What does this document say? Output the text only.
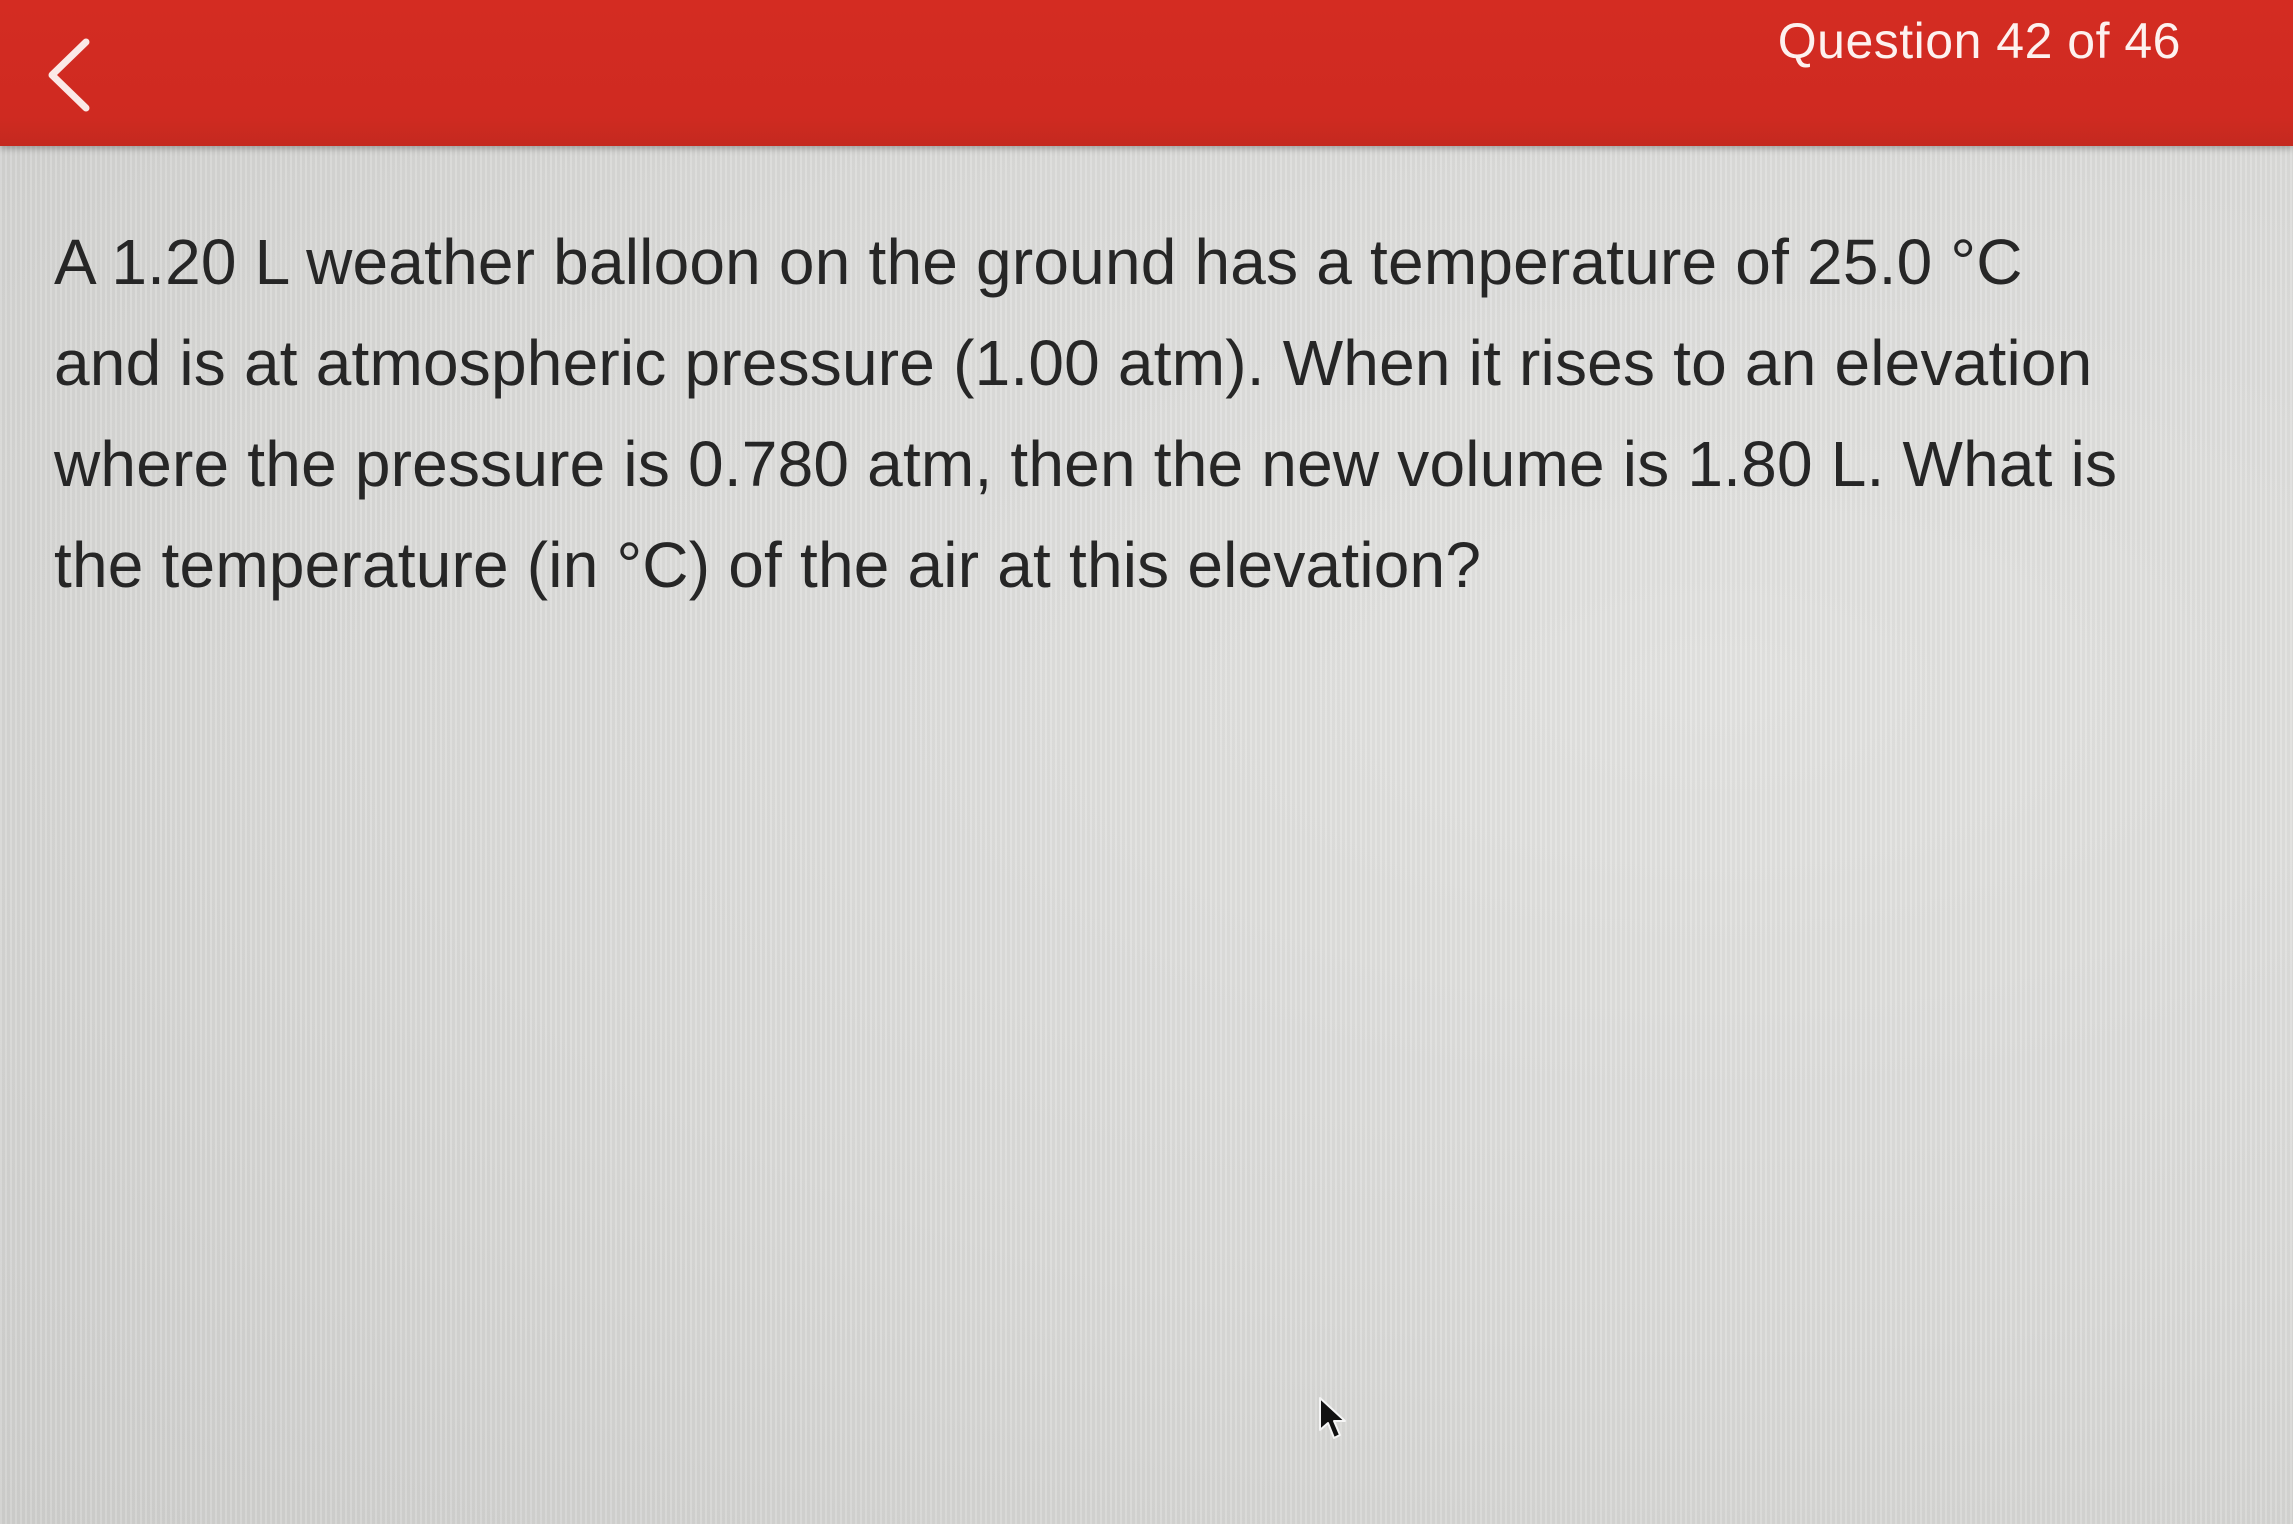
Question 42 of 46
A 1.20 L weather balloon on the ground has a temperature of 25.0 °C
and is at atmospheric pressure (1.00 atm). When it rises to an elevation
where the pressure is 0.780 atm, then the new volume is 1.80 L. What is
the temperature (in °C) of the air at this elevation?
